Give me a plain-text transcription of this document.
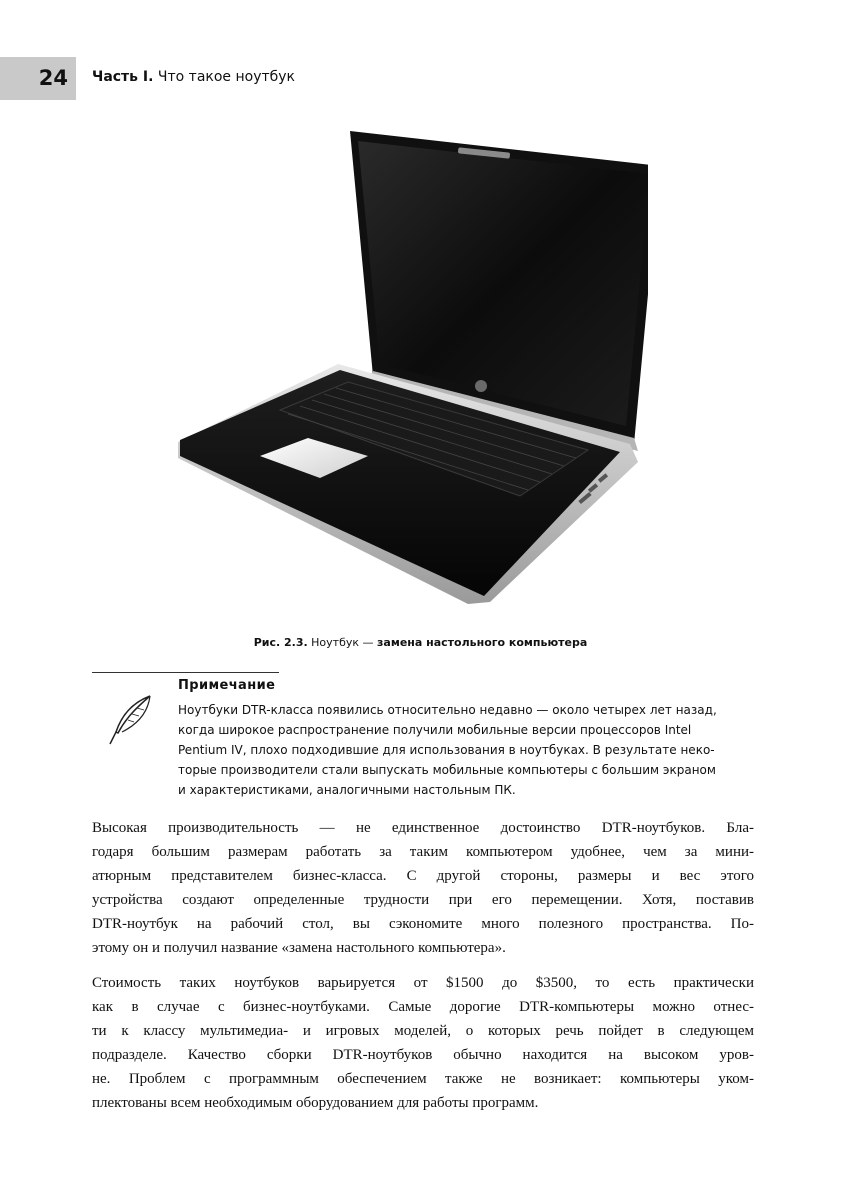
24 Часть I. Что такое ноутбук
Рис. 2.3. Ноутбук — замена настольного компьютера
Примечание
Ноутбуки DTR-класса появились относительно недавно — около четырех лет назад,
когда широкое распространение получили мобильные версии процессоров Intel
Pentium IV, плохо подходившие для использования в ноутбуках. В результате неко-
торые производители стали выпускать мобильные компьютеры с большим экраном
и характеристиками, аналогичными настольным ПК.
Высокая производительность — не единственное достоинство DTR-ноутбуков. Бла-
годаря большим размерам работать за таким компьютером удобнее, чем за мини-
атюрным представителем бизнес-класса. С другой стороны, размеры и вес этого
устройства создают определенные трудности при его перемещении. Хотя, поставив
DTR-ноутбук на рабочий стол, вы сэкономите много полезного пространства. По-
этому он и получил название «замена настольного компьютера».
Стоимость таких ноутбуков варьируется от $1500 до $3500, то есть практически
как в случае с бизнес-ноутбуками. Самые дорогие DTR-компьютеры можно отнес-
ти к классу мультимедиа- и игровых моделей, о которых речь пойдет в следующем
подразделе. Качество сборки DTR-ноутбуков обычно находится на высоком уров-
не. Проблем с программным обеспечением также не возникает: компьютеры уком-
плектованы всем необходимым оборудованием для работы программ.
